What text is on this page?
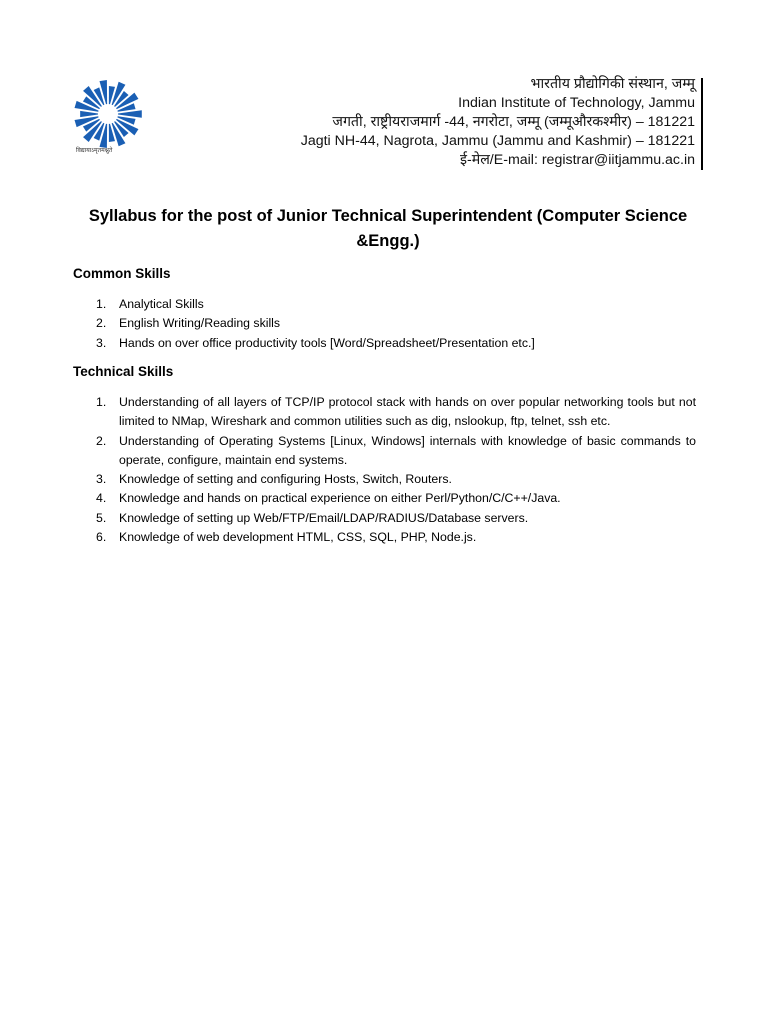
विद्यायाऽमृतमश्नुते
भारतीय प्रौद्योगिकी संस्थान, जम्मू
Indian Institute of Technology, Jammu
जगती, राष्ट्रीयराजमार्ग -44, नगरोटा, जम्मू (जम्मूऔरकश्मीर) – 181221
Jagti NH-44, Nagrota, Jammu (Jammu and Kashmir) – 181221
ई-मेल/E-mail: registrar@iitjammu.ac.in
Syllabus for the post of Junior Technical Superintendent (Computer Science &Engg.)
Common Skills
1. Analytical Skills
2. English Writing/Reading skills
3. Hands on over office productivity tools [Word/Spreadsheet/Presentation etc.]
Technical Skills
1. Understanding of all layers of TCP/IP protocol stack with hands on over popular networking tools but not limited to NMap, Wireshark and common utilities such as dig, nslookup, ftp, telnet, ssh etc.
2. Understanding of Operating Systems [Linux, Windows] internals with knowledge of basic commands to operate, configure, maintain end systems.
3. Knowledge of setting and configuring Hosts, Switch, Routers.
4. Knowledge and hands on practical experience on either Perl/Python/C/C++/Java.
5. Knowledge of setting up Web/FTP/Email/LDAP/RADIUS/Database servers.
6. Knowledge of web development HTML, CSS, SQL, PHP, Node.js.
